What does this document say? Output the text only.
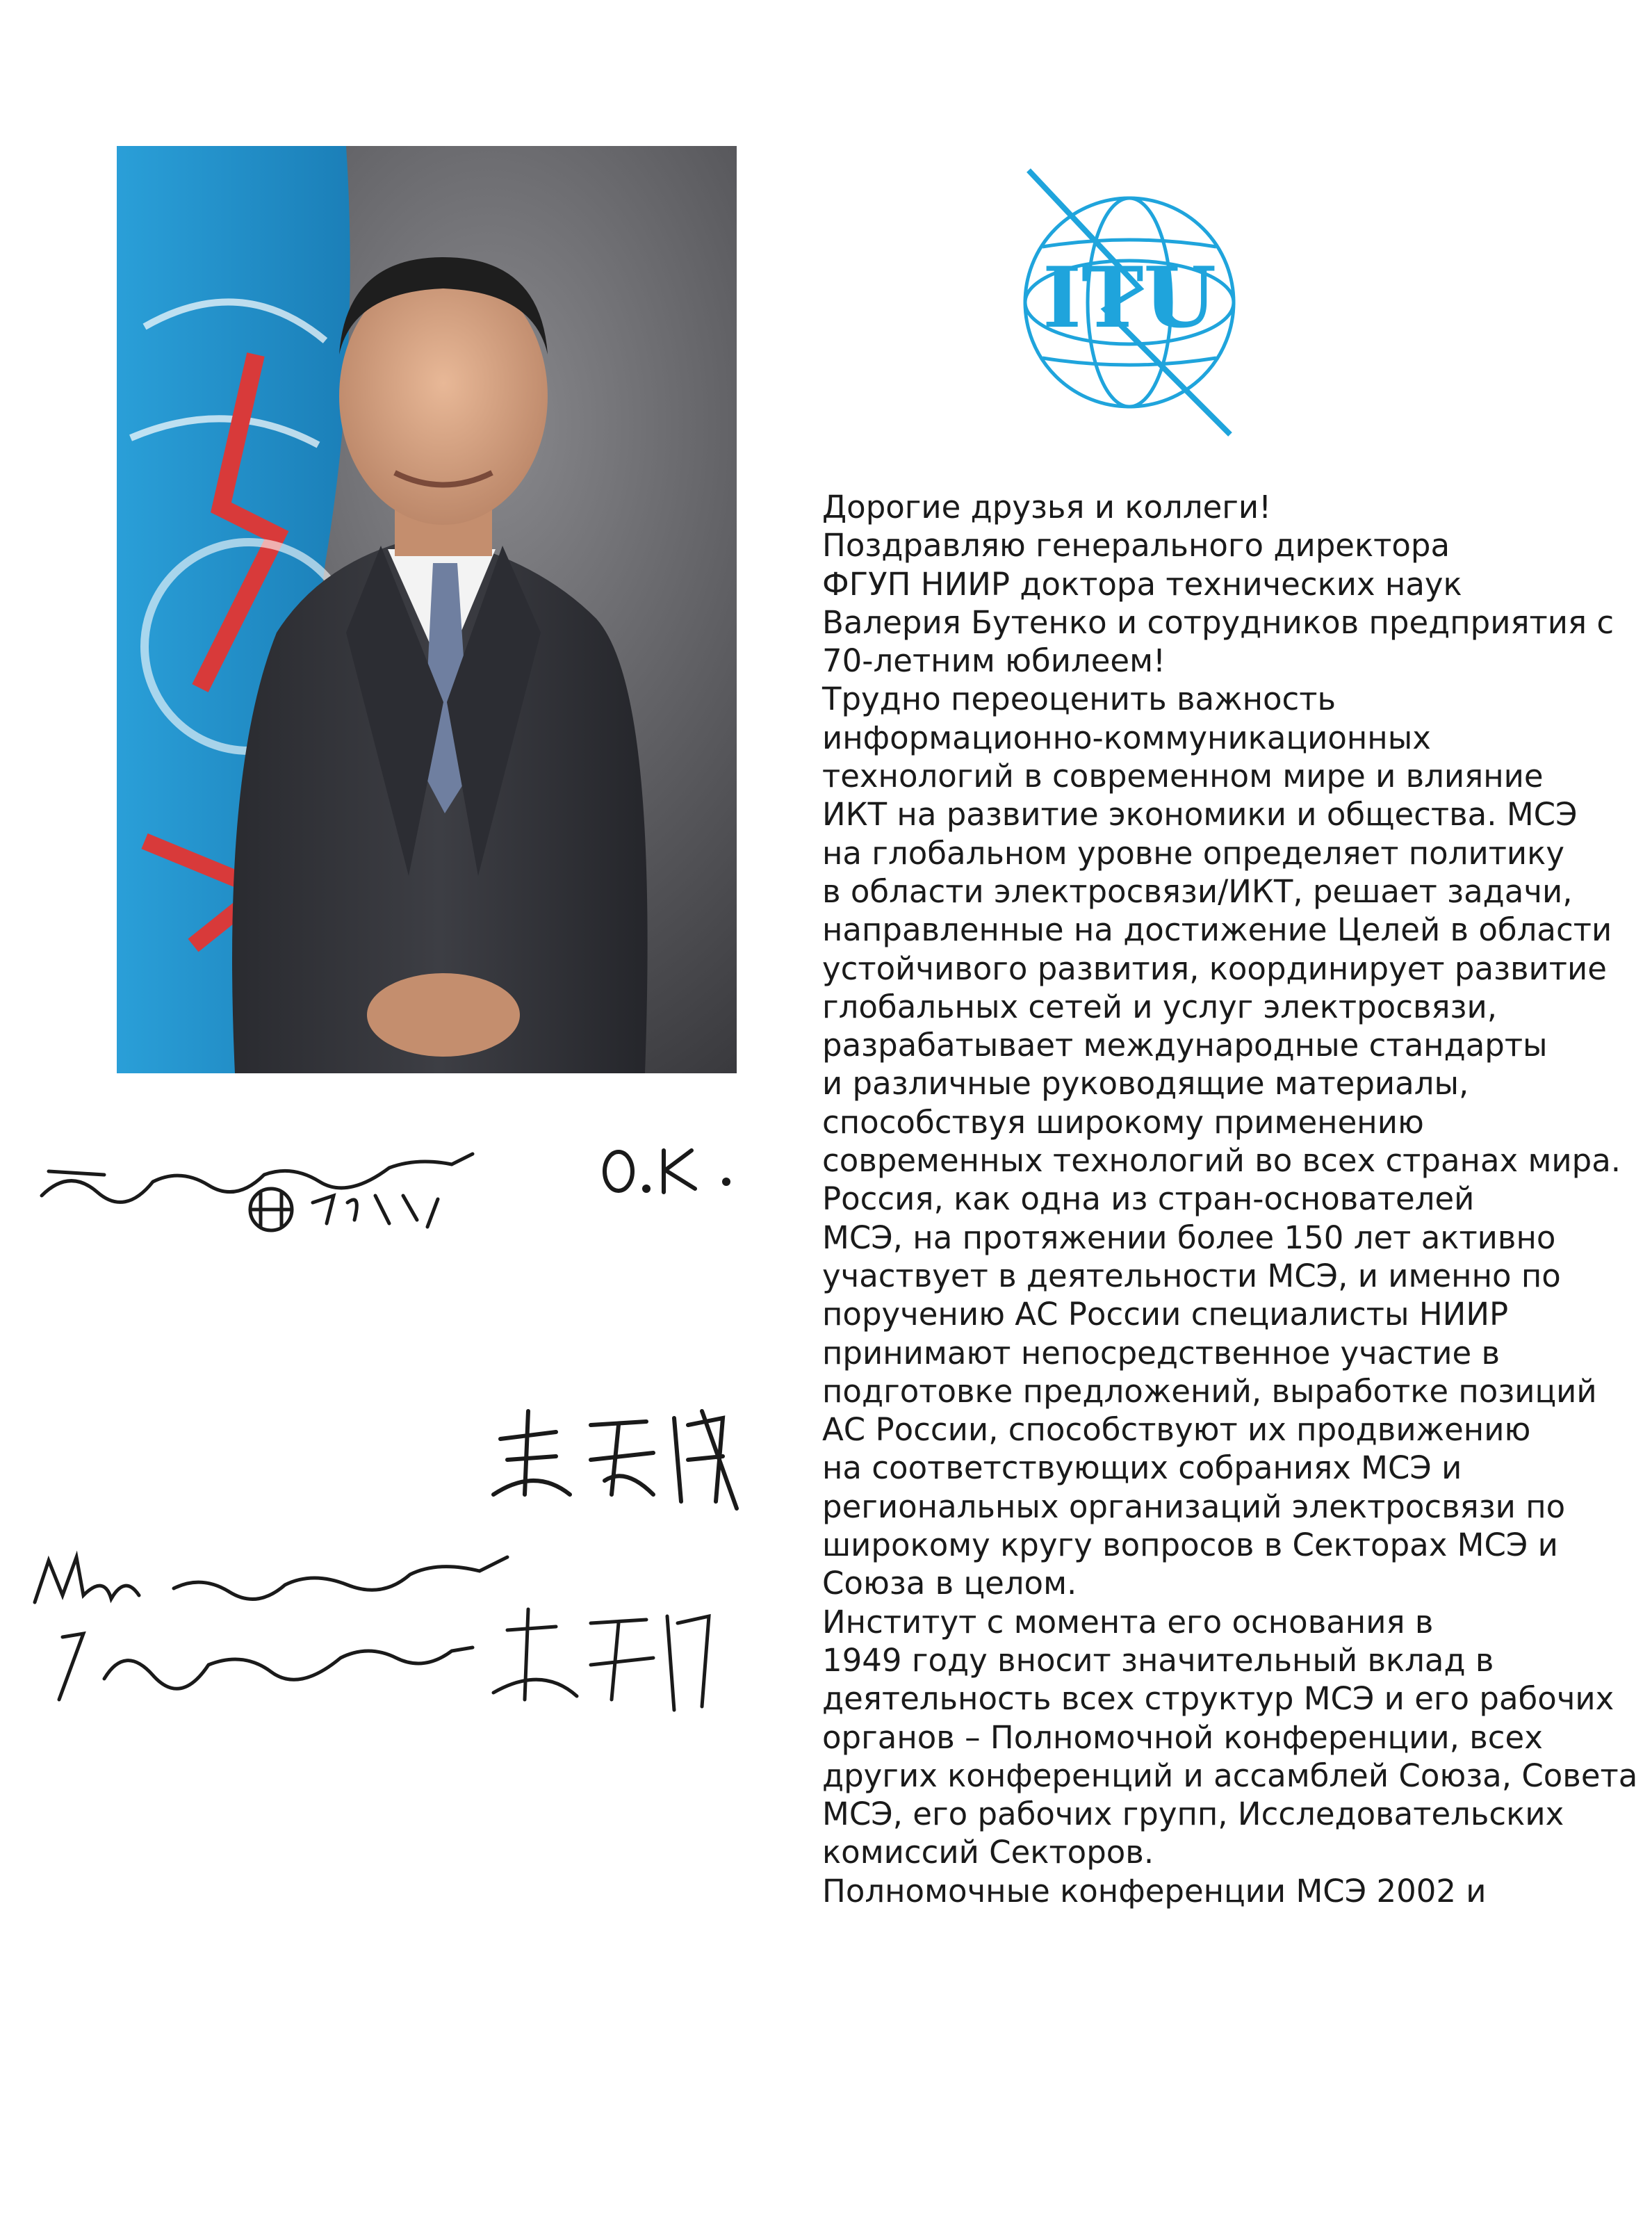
ITU

Дорогие друзья и коллеги!

Поздравляю генерального директора
ФГУП НИИР доктора технических наук
Валерия Бутенко и сотрудников предприятия с
70-летним юбилеем!

Трудно переоценить важность
информационно-коммуникационных
технологий в современном мире и влияние
ИКТ на развитие экономики и общества. МСЭ
на глобальном уровне определяет политику
в области электросвязи/ИКТ, решает задачи,
направленные на достижение Целей в области
устойчивого развития, координирует развитие
глобальных сетей и услуг электросвязи,
разрабатывает международные стандарты
и различные руководящие материалы,
способствуя широкому применению
современных технологий во всех странах мира.

Россия, как одна из стран-основателей
МСЭ, на протяжении более 150 лет активно
участвует в деятельности МСЭ, и именно по
поручению АС России специалисты НИИР
принимают непосредственное участие в
подготовке предложений, выработке позиций
АС России, способствуют их продвижению
на соответствующих собраниях МСЭ и
региональных организаций электросвязи по
широкому кругу вопросов в Секторах МСЭ и
Союза в целом.

Институт с момента его основания в
1949 году вносит значительный вклад в
деятельность всех структур МСЭ и его рабочих
органов – Полномочной конференции, всех
других конференций и ассамблей Союза, Совета
МСЭ, его рабочих групп, Исследовательских
комиссий Секторов.

Полномочные конференции МСЭ 2002 и
